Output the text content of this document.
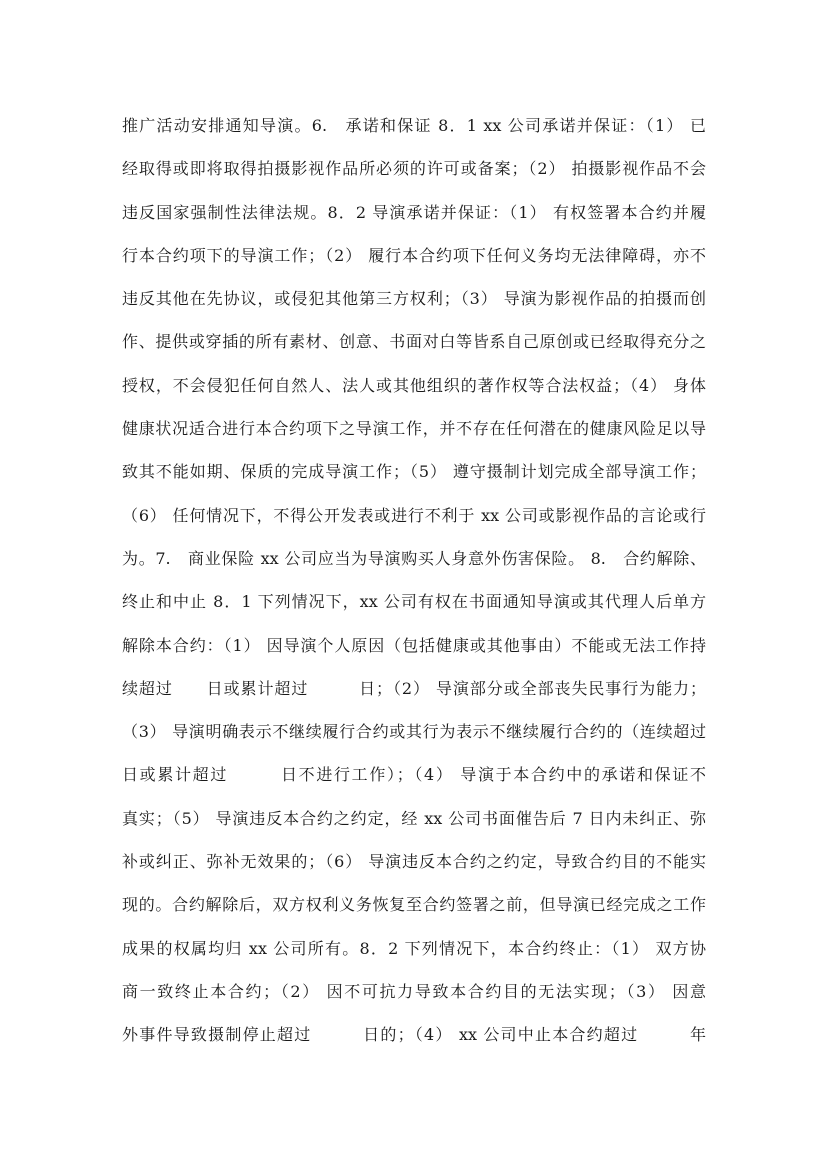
推广活动安排通知导演。6.　承诺和保证 8．1 xx 公司承诺并保证：（1） 已
经取得或即将取得拍摄影视作品所必须的许可或备案；（2） 拍摄影视作品不会
违反国家强制性法律法规。8．2 导演承诺并保证：（1） 有权签署本合约并履
行本合约项下的导演工作；（2） 履行本合约项下任何义务均无法律障碍，亦不
违反其他在先协议，或侵犯其他第三方权利；（3） 导演为影视作品的拍摄而创
作、提供或穿插的所有素材、创意、书面对白等皆系自己原创或已经取得充分之
授权，不会侵犯任何自然人、法人或其他组织的著作权等合法权益；（4） 身体
健康状况适合进行本合约项下之导演工作，并不存在任何潜在的健康风险足以导
致其不能如期、保质的完成导演工作；（5） 遵守摄制计划完成全部导演工作；
（6） 任何情况下，不得公开发表或进行不利于 xx 公司或影视作品的言论或行
为。7.　商业保险 xx 公司应当为导演购买人身意外伤害保险。 8.　合约解除、
终止和中止 8．1 下列情况下，xx 公司有权在书面通知导演或其代理人后单方
解除本合约：（1） 因导演个人原因（包括健康或其他事由）不能或无法工作持
续超过　　日或累计超过　　　日；（2） 导演部分或全部丧失民事行为能力；
（3） 导演明确表示不继续履行合约或其行为表示不继续履行合约的（连续超过
日或累计超过　　　日不进行工作）；（4） 导演于本合约中的承诺和保证不
真实；（5） 导演违反本合约之约定，经 xx 公司书面催告后 7 日内未纠正、弥
补或纠正、弥补无效果的；（6） 导演违反本合约之约定，导致合约目的不能实
现的。合约解除后，双方权利义务恢复至合约签署之前，但导演已经完成之工作
成果的权属均归 xx 公司所有。8．2 下列情况下，本合约终止：（1） 双方协
商一致终止本合约；（2） 因不可抗力导致本合约目的无法实现；（3） 因意
外事件导致摄制停止超过　　　日的；（4） xx 公司中止本合约超过　　　年
